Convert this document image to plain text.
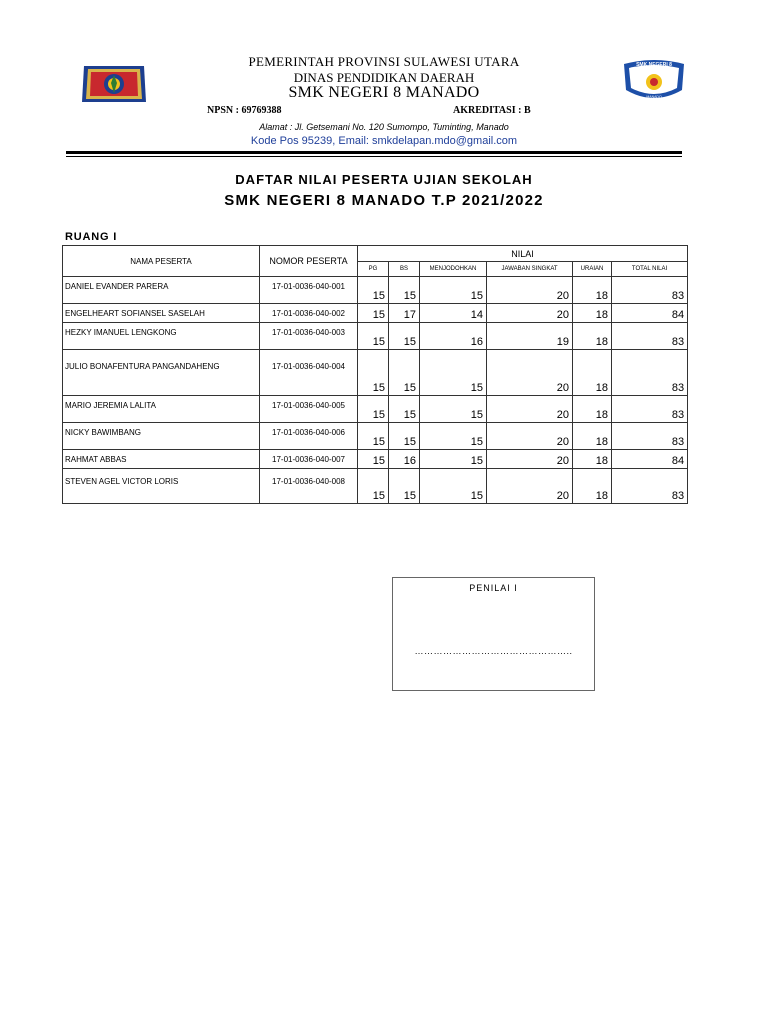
SMK NEGERI 8
MANADO
PEMERINTAH PROVINSI SULAWESI UTARA
DINAS PENDIDIKAN DAERAH
SMK NEGERI 8 MANADO
NPSN : 69769388	AKREDITASI : B
Alamat : Jl. Getsemani No. 120 Sumompo, Tuminting, Manado
Kode Pos 95239, Email: smkdelapan.mdo@gmail.com
DAFTAR NILAI PESERTA UJIAN SEKOLAH
SMK NEGERI 8 MANADO T.P 2021/2022
RUANG I
NAMA PESERTA	NOMOR PESERTA	NILAI					
		PG	BS	MENJODOHKAN	JAWABAN SINGKAT	URAIAN	TOTAL NILAI
DANIEL EVANDER PARERA	17-01-0036-040-001	15	15	15	20	18	83
ENGELHEART SOFIANSEL SASELAH	17-01-0036-040-002	15	17	14	20	18	84
HEZKY IMANUEL LENGKONG	17-01-0036-040-003	15	15	16	19	18	83
JULIO BONAFENTURA PANGANDAHENG	17-01-0036-040-004	15	15	15	20	18	83
MARIO JEREMIA LALITA	17-01-0036-040-005	15	15	15	20	18	83
NICKY BAWIMBANG	17-01-0036-040-006	15	15	15	20	18	83
RAHMAT ABBAS	17-01-0036-040-007	15	16	15	20	18	84
STEVEN AGEL VICTOR LORIS	17-01-0036-040-008	15	15	15	20	18	83
PENILAI I
…………………………………………..
